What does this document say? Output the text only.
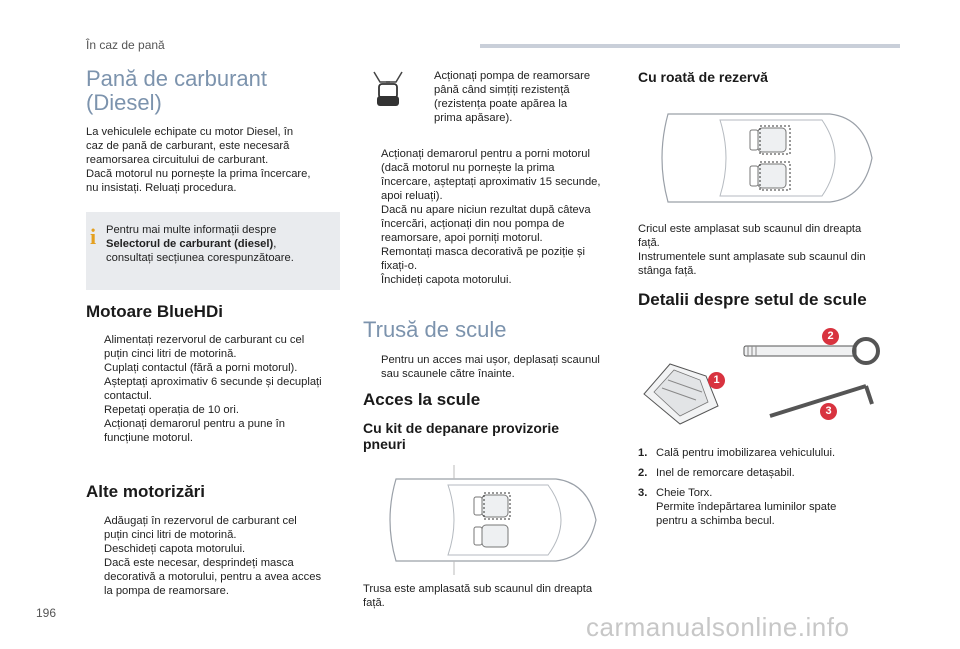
În caz de pană
Pană de carburant
(Diesel)

La vehiculele echipate cu motor Diesel, în

caz de pană de carburant, este necesară

reamorsarea circuitului de carburant.

Dacă motorul nu pornește la prima încercare,

nu insistați. Reluați procedura.

i Pentru mai multe informații despre

Selectorul de carburant (diesel),

consultați secțiunea corespunzătoare.

Motoare BlueHDi
Alimentați rezervorul de carburant cu cel
puțin cinci litri de motorină.
Cuplați contactul (fără a porni motorul).
Așteptați aproximativ 6 secunde și decuplați
contactul.
Repetați operația de 10 ori.
Acționați demarorul pentru a pune în
funcțiune motorul.
Alte motorizări
Adăugați în rezervorul de carburant cel
puțin cinci litri de motorină.
Deschideți capota motorului.
Dacă este necesar, desprindeți masca
decorativă a motorului, pentru a avea acces
la pompa de reamorsare.
Acționați pompa de reamorsare
până când simțiți rezistență
(rezistența poate apărea la
prima apăsare).
Acționați demarorul pentru a porni motorul
(dacă motorul nu pornește la prima
încercare, așteptați aproximativ 15 secunde,
apoi reluați).
Dacă nu apare niciun rezultat după câteva
încercări, acționați din nou pompa de
reamorsare, apoi porniți motorul.
Remontați masca decorativă pe poziție și
fixați-o.
Închideți capota motorului.
Trusă de scule
Pentru un acces mai ușor, deplasați scaunul
sau scaunele către înainte.
Acces la scule
Cu kit de depanare provizorie
pneuri

Trusa este amplasată sub scaunul din dreapta

față.

Cu roată de rezervă

Cricul este amplasat sub scaunul din dreapta

față.

Instrumentele sunt amplasate sub scaunul din

stânga față.

Detalii despre setul de scule
1
2
3
1. Cală pentru imobilizarea vehiculului.
2. Inel de remorcare detașabil.
3. Cheie Torx.
Permite îndepărtarea luminilor spate
pentru a schimba becul.
196	carmanualsonline.info
